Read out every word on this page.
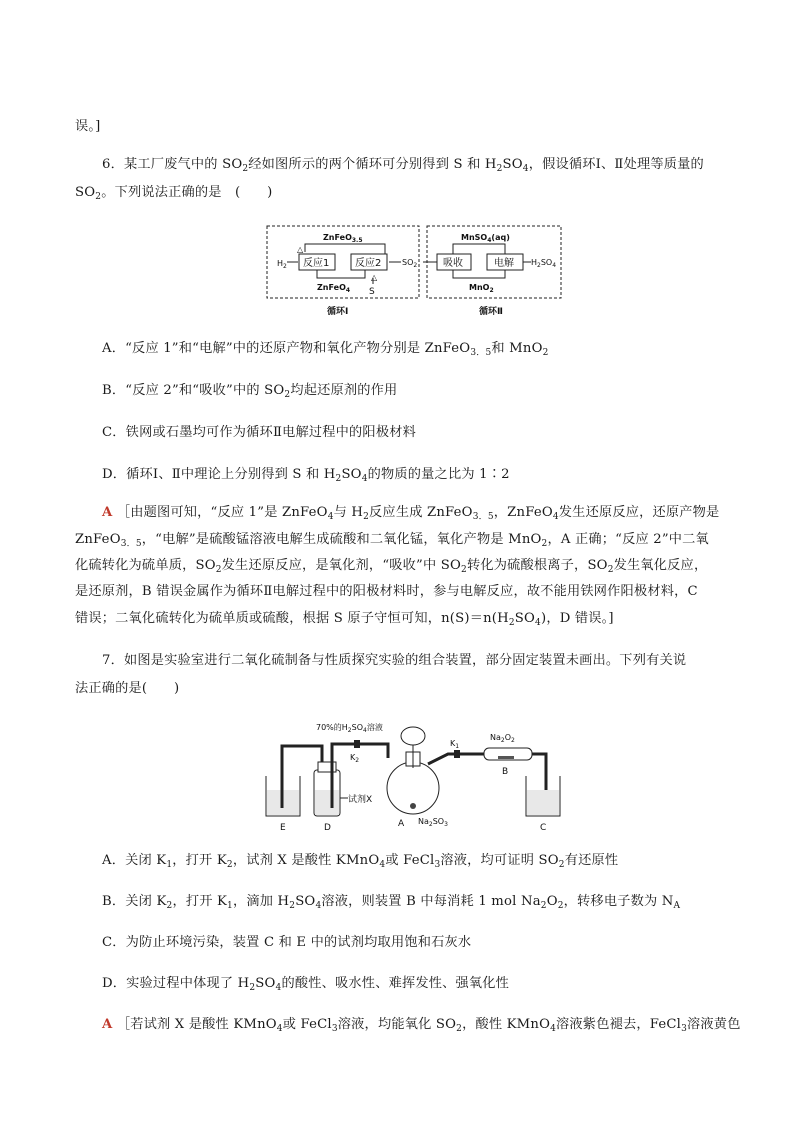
误。]
6．某工厂废气中的 $SO_2$经如图所示的两个循环可分别得到 S 和 $H_2SO_4$，假设循环Ⅰ、Ⅱ处理等质量的
$SO_2$。下列说法正确的是　(　　)
ZnFeO$_{3.5}$
△
$H_2$ 反应1	反应2
△
ZnFeO$_4$ S
$SO_2$
MnSO$_4$(aq)
吸收	电解 $H_2SO_4$
MnO$_2$
循环Ⅰ	循环Ⅱ
A．“反应 1”和“电解”中的还原产物和氧化产物分别是 ZnFeO$_{3.5}$和 MnO$_2$
B．“反应 2”和“吸收”中的 $SO_2$均起还原剂的作用
C．铁网或石墨均可作为循环Ⅱ电解过程中的阳极材料
D．循环Ⅰ、Ⅱ中理论上分别得到 S 和 $H_2SO_4$的物质的量之比为 1∶2
A ［由题图可知，“反应 1”是 ZnFeO$_4$与 $H_2$反应生成 ZnFeO$_{3.5}$，ZnFeO$_4$发生还原反应，还原产物是
ZnFeO$_{3.5}$，“电解”是硫酸锰溶液电解生成硫酸和二氧化锰，氧化产物是 MnO$_2$，A 正确；“反应 2”中二氧
化硫转化为硫单质，$SO_2$发生还原反应，是氧化剂，“吸收”中 $SO_2$转化为硫酸根离子，$SO_2$发生氧化反应，
是还原剂，B 错误金属作为循环Ⅱ电解过程中的阳极材料时，参与电解反应，故不能用铁网作阳极材料，C
错误；二氧化硫转化为硫单质或硫酸，根据 S 原子守恒可知，$n(S)=n(H_2SO_4)$，D 错误。]
7．如图是实验室进行二氧化硫制备与性质探究实验的组合装置，部分固定装置未画出。下列有关说
法正确的是(　　)
E	D
试剂X
$K_2$
A $Na_2SO_3$
70%的$H_2SO_4$溶液
$K_1$
$Na_2O_2$
B
C
A．关闭 $K_1$，打开 $K_2$，试剂 X 是酸性 KMnO$_4$或 FeCl$_3$溶液，均可证明 $SO_2$有还原性
B．关闭 $K_2$，打开 $K_1$，滴加 $H_2SO_4$溶液，则装置 B 中每消耗 1 mol $Na_2O_2$，转移电子数为 $N_A$
C．为防止环境污染，装置 C 和 E 中的试剂均取用饱和石灰水
D．实验过程中体现了 $H_2SO_4$的酸性、吸水性、难挥发性、强氧化性
A ［若试剂 X 是酸性 KMnO$_4$或 FeCl$_3$溶液，均能氧化 $SO_2$，酸性 KMnO$_4$溶液紫色褪去，FeCl$_3$溶液黄色
